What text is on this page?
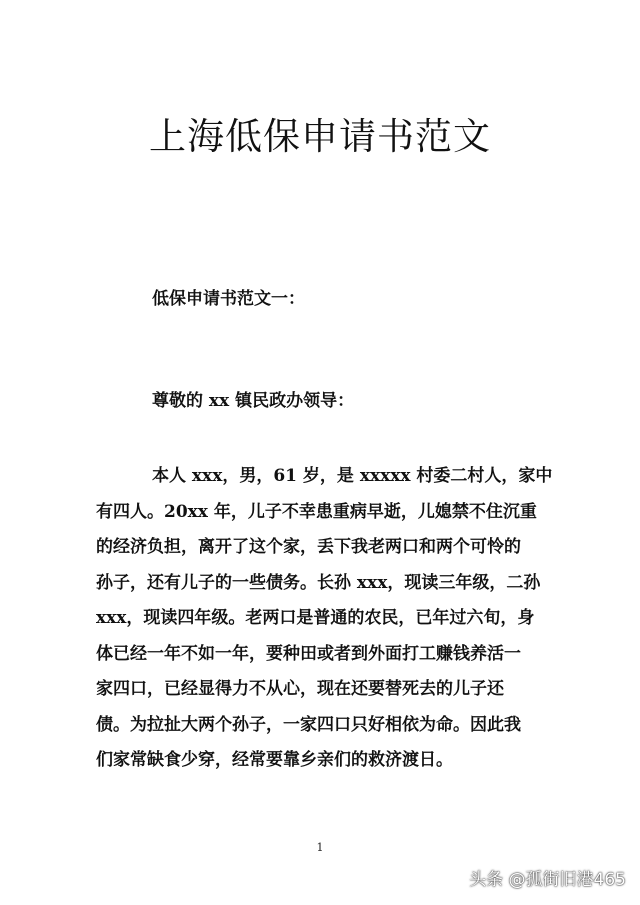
上海低保申请书范文
低保申请书范文一：
尊敬的 xx 镇民政办领导：
本人 xxx，男，61 岁，是 xxxxx 村委二村人，家中
有四人。20xx 年，儿子不幸患重病早逝，儿媳禁不住沉重
的经济负担，离开了这个家，丢下我老两口和两个可怜的
孙子，还有儿子的一些债务。长孙 xxx，现读三年级，二孙
xxx，现读四年级。老两口是普通的农民，已年过六旬，身
体已经一年不如一年，要种田或者到外面打工赚钱养活一
家四口，已经显得力不从心，现在还要替死去的儿子还
债。为拉扯大两个孙子，一家四口只好相依为命。因此我
们家常缺食少穿，经常要靠乡亲们的救济渡日。
1
头条 @孤街旧港465
